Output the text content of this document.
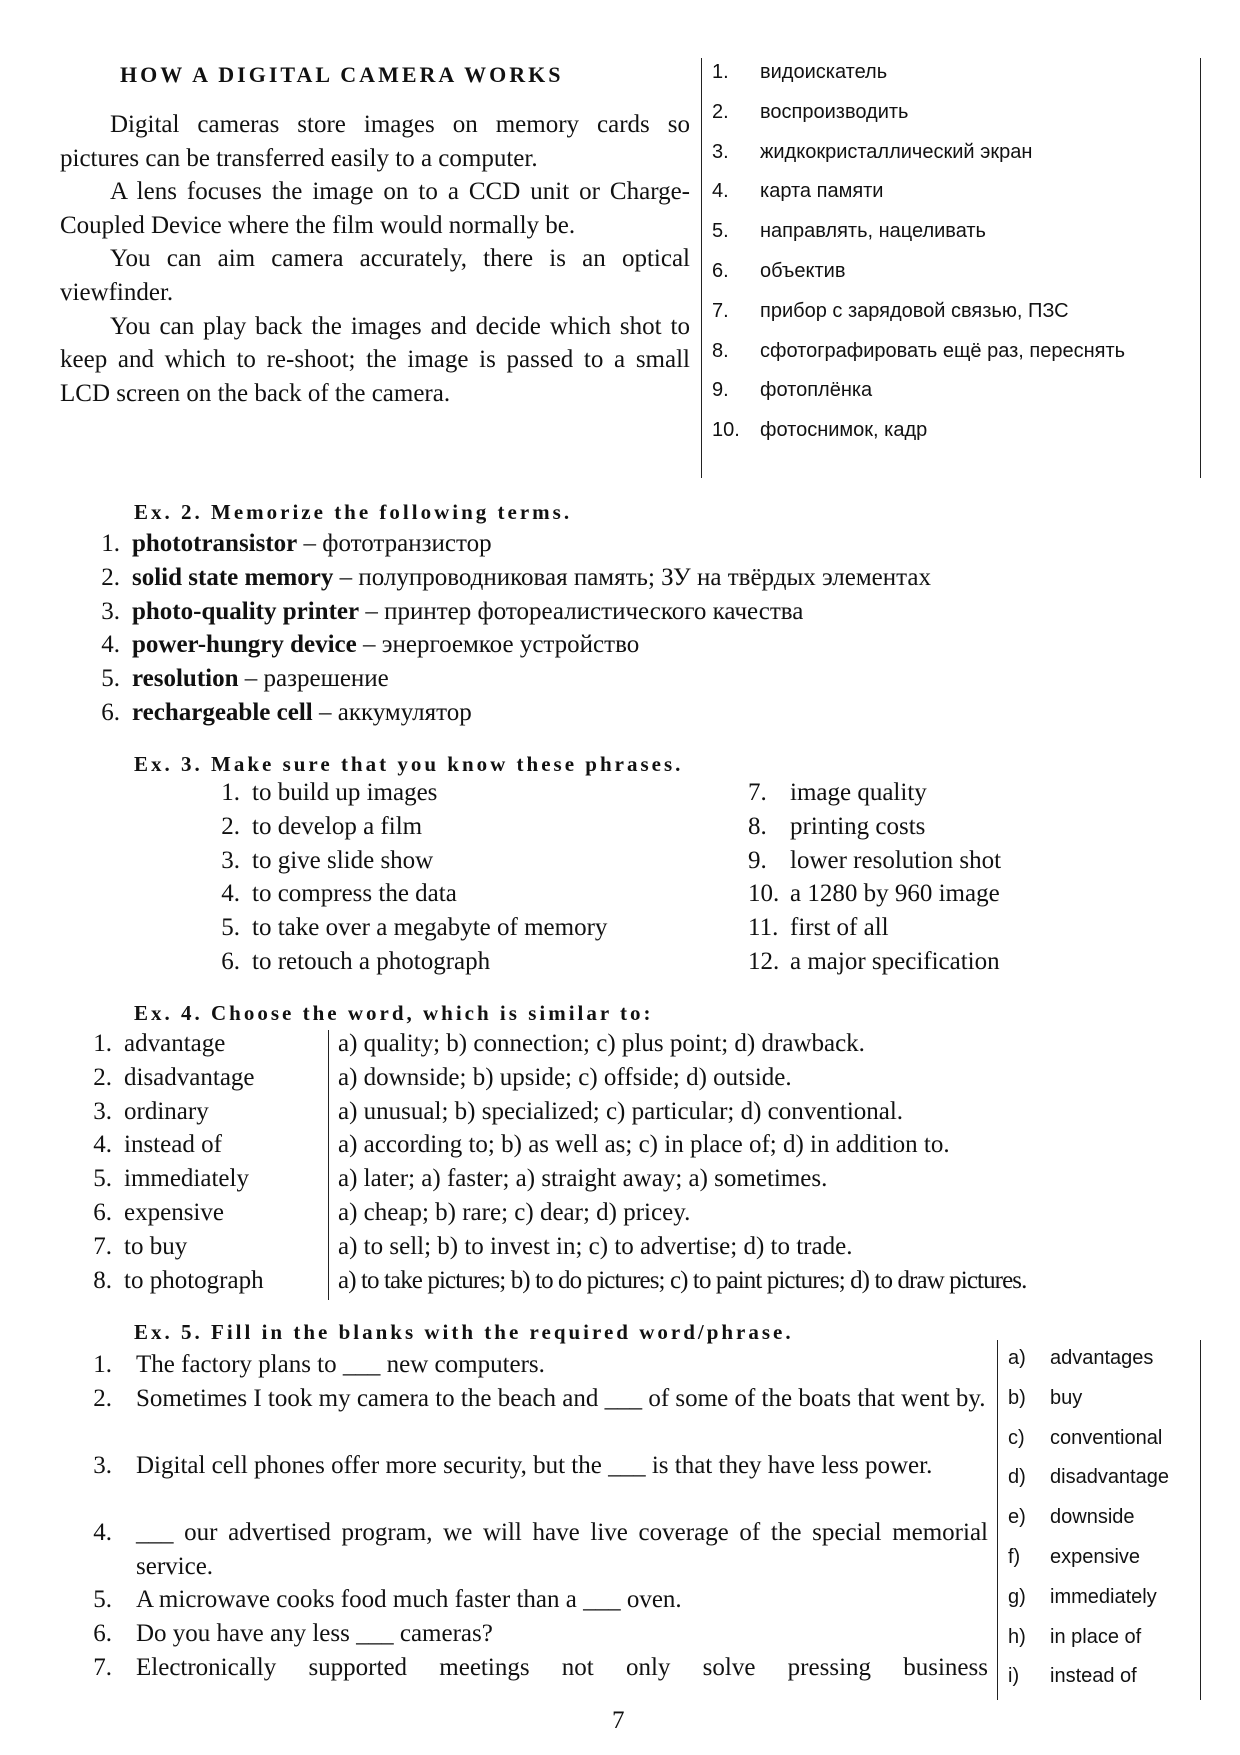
HOW A DIGITAL CAMERA WORKS

Digital cameras store images on memory cards so pictures can be transferred easily to a computer.

A lens focuses the image on to a CCD unit or Charge-Coupled Device where the film would normally be.

You can aim camera accurately, there is an optical viewfinder.

You can play back the images and decide which shot to keep and which to re-shoot; the image is passed to a small LCD screen on the back of the camera.

1. видоискатель
2. воспроизводить
3. жидкокристаллический экран
4. карта памяти
5. направлять, нацеливать
6. объектив
7. прибор с зарядовой связью, ПЗС
8. сфотографировать ещё раз, переснять
9. фотоплёнка
10. фотоснимок, кадр
Ex. 2. Memorize the following terms.
1. phototransistor – фототранзистор
2. solid state memory – полупроводниковая память; ЗУ на твёрдых элементах
3. photo-quality printer – принтер фотореалистического качества
4. power-hungry device – энергоемкое устройство
5. resolution – разрешение
6. rechargeable cell – аккумулятор
Ex. 3. Make sure that you know these phrases.
1. to build up images
2. to develop a film
3. to give slide show
4. to compress the data
5. to take over a megabyte of memory
6. to retouch a photograph
7. image quality
8. printing costs
9. lower resolution shot
10. a 1280 by 960 image
11. first of all
12. a major specification
Ex. 4. Choose the word, which is similar to:
1. advantage	a) quality; b) connection; c) plus point; d) drawback.
2. disadvantage	a) downside; b) upside; c) offside; d) outside.
3. ordinary	a) unusual; b) specialized; c) particular; d) conventional.
4. instead of	a) according to; b) as well as; c) in place of; d) in addition to.
5. immediately	a) later; a) faster; a) straight away; a) sometimes.
6. expensive	a) cheap; b) rare; c) dear; d) pricey.
7. to buy	a) to sell; b) to invest in; c) to advertise; d) to trade.
8. to photograph	a) to take pictures; b) to do pictures; c) to paint pictures; d) to draw pictures.
Ex. 5. Fill in the blanks with the required word/phrase.
1. The factory plans to ___ new computers.
2. Sometimes I took my camera to the beach and ___ of some of the boats that went by.
3. Digital cell phones offer more security, but the ___ is that they have less power.
4. ___ our advertised program, we will have live coverage of the special memorial service.
5. A microwave cooks food much faster than a ___ oven.
6. Do you have any less ___ cameras?
7. Electronically supported meetings not only solve pressing business
a) advantages
b) buy
c) conventional
d) disadvantage
e) downside
f) expensive
g) immediately
h) in place of
i) instead of
7
